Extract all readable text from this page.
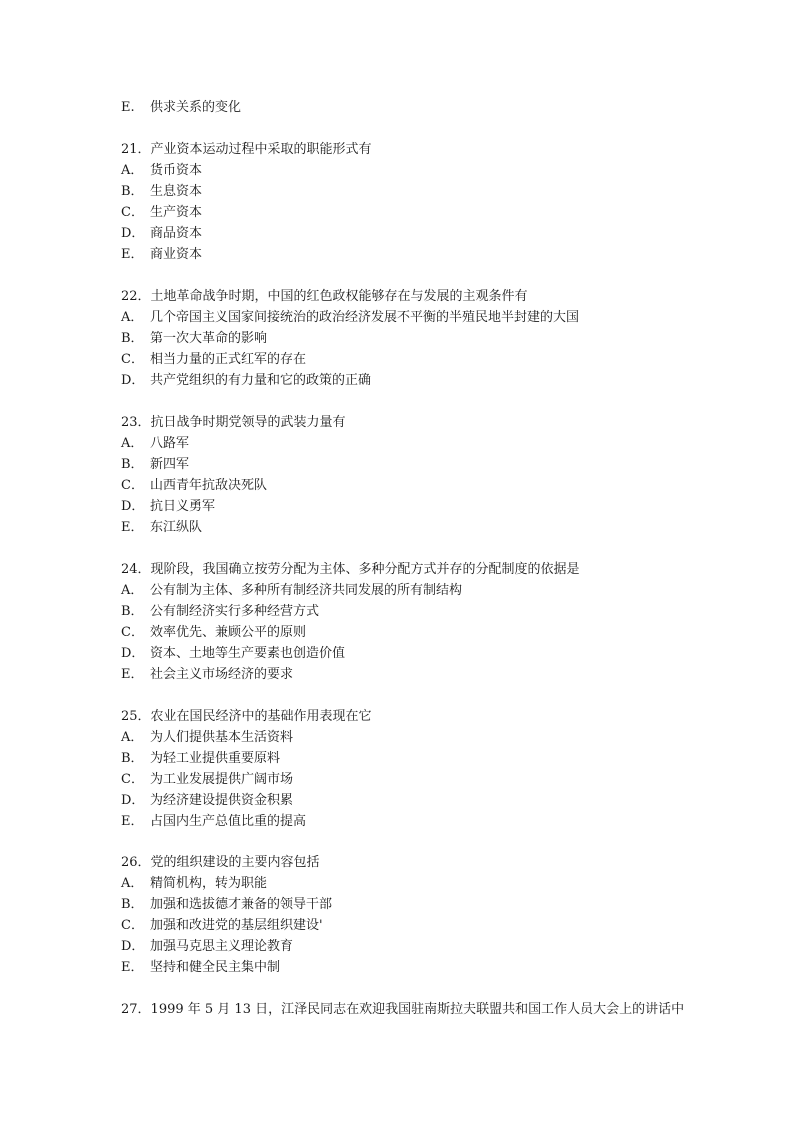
E. 供求关系的变化
21．产业资本运动过程中采取的职能形式有
A． 货币资本
B． 生息资本
C． 生产资本
D． 商品资本
E． 商业资本
22．土地革命战争时期，中国的红色政权能够存在与发展的主观条件有
A． 几个帝国主义国家间接统治的政治经济发展不平衡的半殖民地半封建的大国
B． 第一次大革命的影响
C． 相当力量的正式红军的存在
D． 共产党组织的有力量和它的政策的正确
23．抗日战争时期党领导的武装力量有
A． 八路军
B． 新四军
C． 山西青年抗敌决死队
D． 抗日义勇军
E． 东江纵队
24．现阶段，我国确立按劳分配为主体、多种分配方式并存的分配制度的依据是
A． 公有制为主体、多种所有制经济共同发展的所有制结构
B． 公有制经济实行多种经营方式
C． 效率优先、兼顾公平的原则
D． 资本、土地等生产要素也创造价值
E． 社会主义市场经济的要求
25．农业在国民经济中的基础作用表现在它
A． 为人们提供基本生活资料
B． 为轻工业提供重要原料
C． 为工业发展提供广阔市场
D． 为经济建设提供资金积累
E． 占国内生产总值比重的提高
26．党的组织建设的主要内容包括
A． 精简机构，转为职能
B． 加强和选拔德才兼备的领导干部
C． 加强和改进党的基层组织建设'
D． 加强马克思主义理论教育
E． 坚持和健全民主集中制
27．1999 年 5 月 13 日，江泽民同志在欢迎我国驻南斯拉夫联盟共和国工作人员大会上的讲话中
